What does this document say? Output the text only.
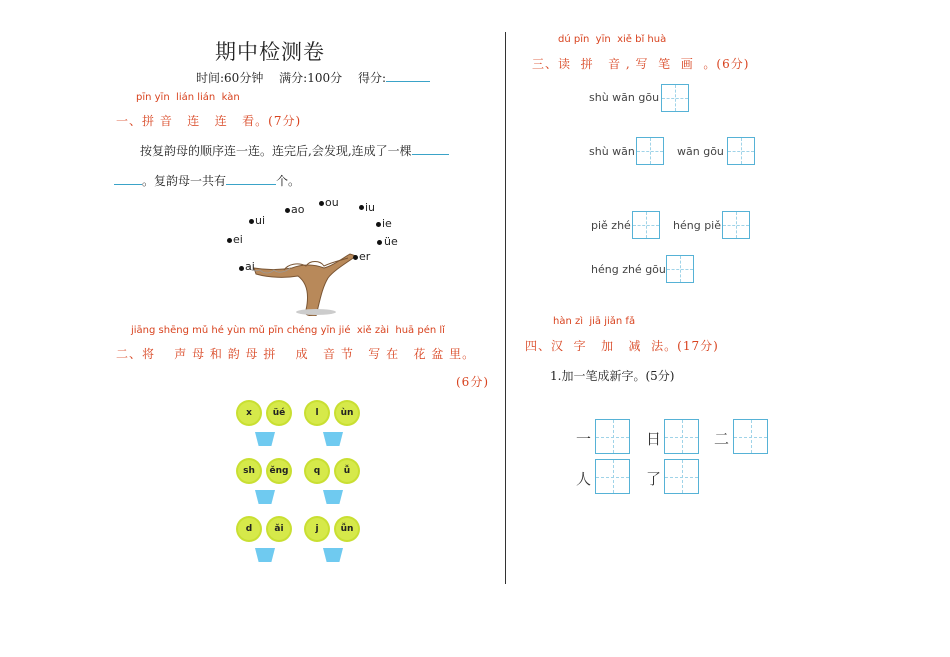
期中检测卷
时间:60分钟 满分:100分 得分:
pīn yīn  lián lián  kàn
一、拼 音   连   连   看。(7分)
按复韵母的顺序连一连。连完后,会发现,连成了一棵
。复韵母一共有	个。
ao
ou iu
ui	ie
ei	üe
er
ai
jiāng shēng mǔ hé yùn mǔ pīn chéng yīn jié  xiě zài  huā pén lǐ
二、将    声 母 和 韵 母 拼    成   音 节   写 在   花 盆 里。
(6分)
x	üé	l	ùn
sh	ěng	q	ǚ
d	ǎi	j	ǚn
dú pīn  yīn  xiě bǐ huà
三、读  拼   音 , 写  笔  画  。(6分)
shù wān gōu
shù wān	wān gōu
piě zhé	héng piě
héng zhé gōu
hàn zì  jiā jiǎn fǎ
四、汉  字   加   减  法。(17分)
1.加一笔成新字。(5分)
一	日	二
人	了
